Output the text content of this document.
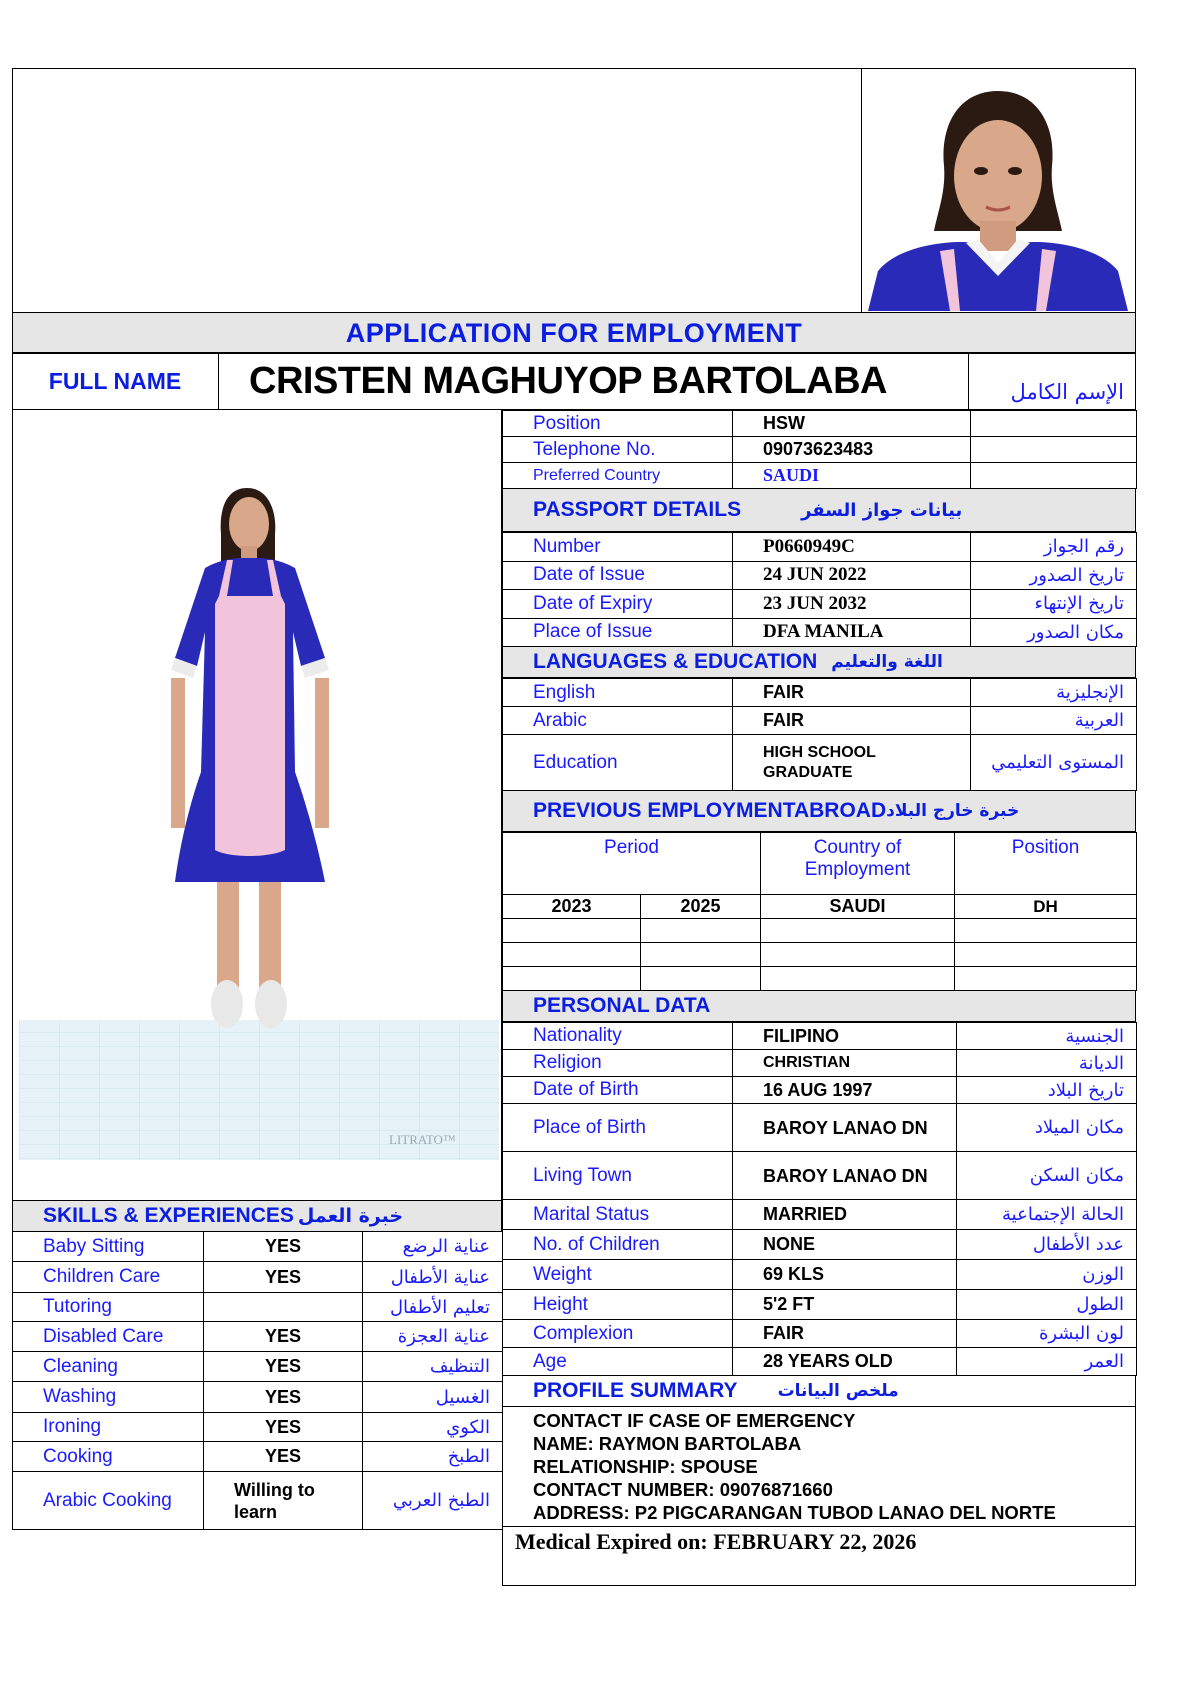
APPLICATION FOR EMPLOYMENT
FULL NAME	CRISTEN MAGHUYOP BARTOLABA	الإسم الكامل
LITRATO™
SKILLS & EXPERIENCES خبرة العمل
Baby Sitting	YES	عناية الرضع
Children Care	YES	عناية الأطفال
Tutoring		تعليم الأطفال
Disabled Care	YES	عناية العجزة
Cleaning	YES	التنظيف
Washing	YES	الغسيل
Ironing	YES	الكوي
Cooking	YES	الطبخ
Arabic Cooking	Willing to learn	الطبخ العربي
Position	HSW	
Telephone No.	09073623483	
Preferred Country	SAUDI	
PASSPORT DETAILS	بيانات جواز السفر
Number	P0660949C	رقم الجواز
Date of Issue	24 JUN 2022	تاريخ الصدور
Date of Expiry	23 JUN 2032	تاريخ الإنتهاء
Place of Issue	DFA MANILA	مكان الصدور
LANGUAGES & EDUCATION اللغة والتعليم
English	FAIR	الإنجليزية
Arabic	FAIR	العربية
Education	HIGH SCHOOL GRADUATE	المستوى التعليمي
PREVIOUS EMPLOYMENTABROAD خبرة خارج البلاد
Period		Country of Employment	Position
2023	2025	SAUDI	DH

PERSONAL DATA
Nationality	FILIPINO	الجنسية
Religion	CHRISTIAN	الديانة
Date of Birth	16 AUG 1997	تاريخ البلاد
Place of Birth	BAROY LANAO DN	مكان الميلاد
Living Town	BAROY LANAO DN	مكان السكن
Marital Status	MARRIED	الحالة الإجتماعية
No. of Children	NONE	عدد الأطفال
Weight	69 KLS	الوزن
Height	5'2 FT	الطول
Complexion	FAIR	لون البشرة
Age	28 YEARS OLD	العمر
PROFILE SUMMARY ملخص البيانات
CONTACT IF CASE OF EMERGENCY
NAME: RAYMON BARTOLABA
RELATIONSHIP: SPOUSE
CONTACT NUMBER: 09076871660
ADDRESS: P2 PIGCARANGAN TUBOD LANAO DEL NORTE
Medical Expired on: FEBRUARY 22, 2026
